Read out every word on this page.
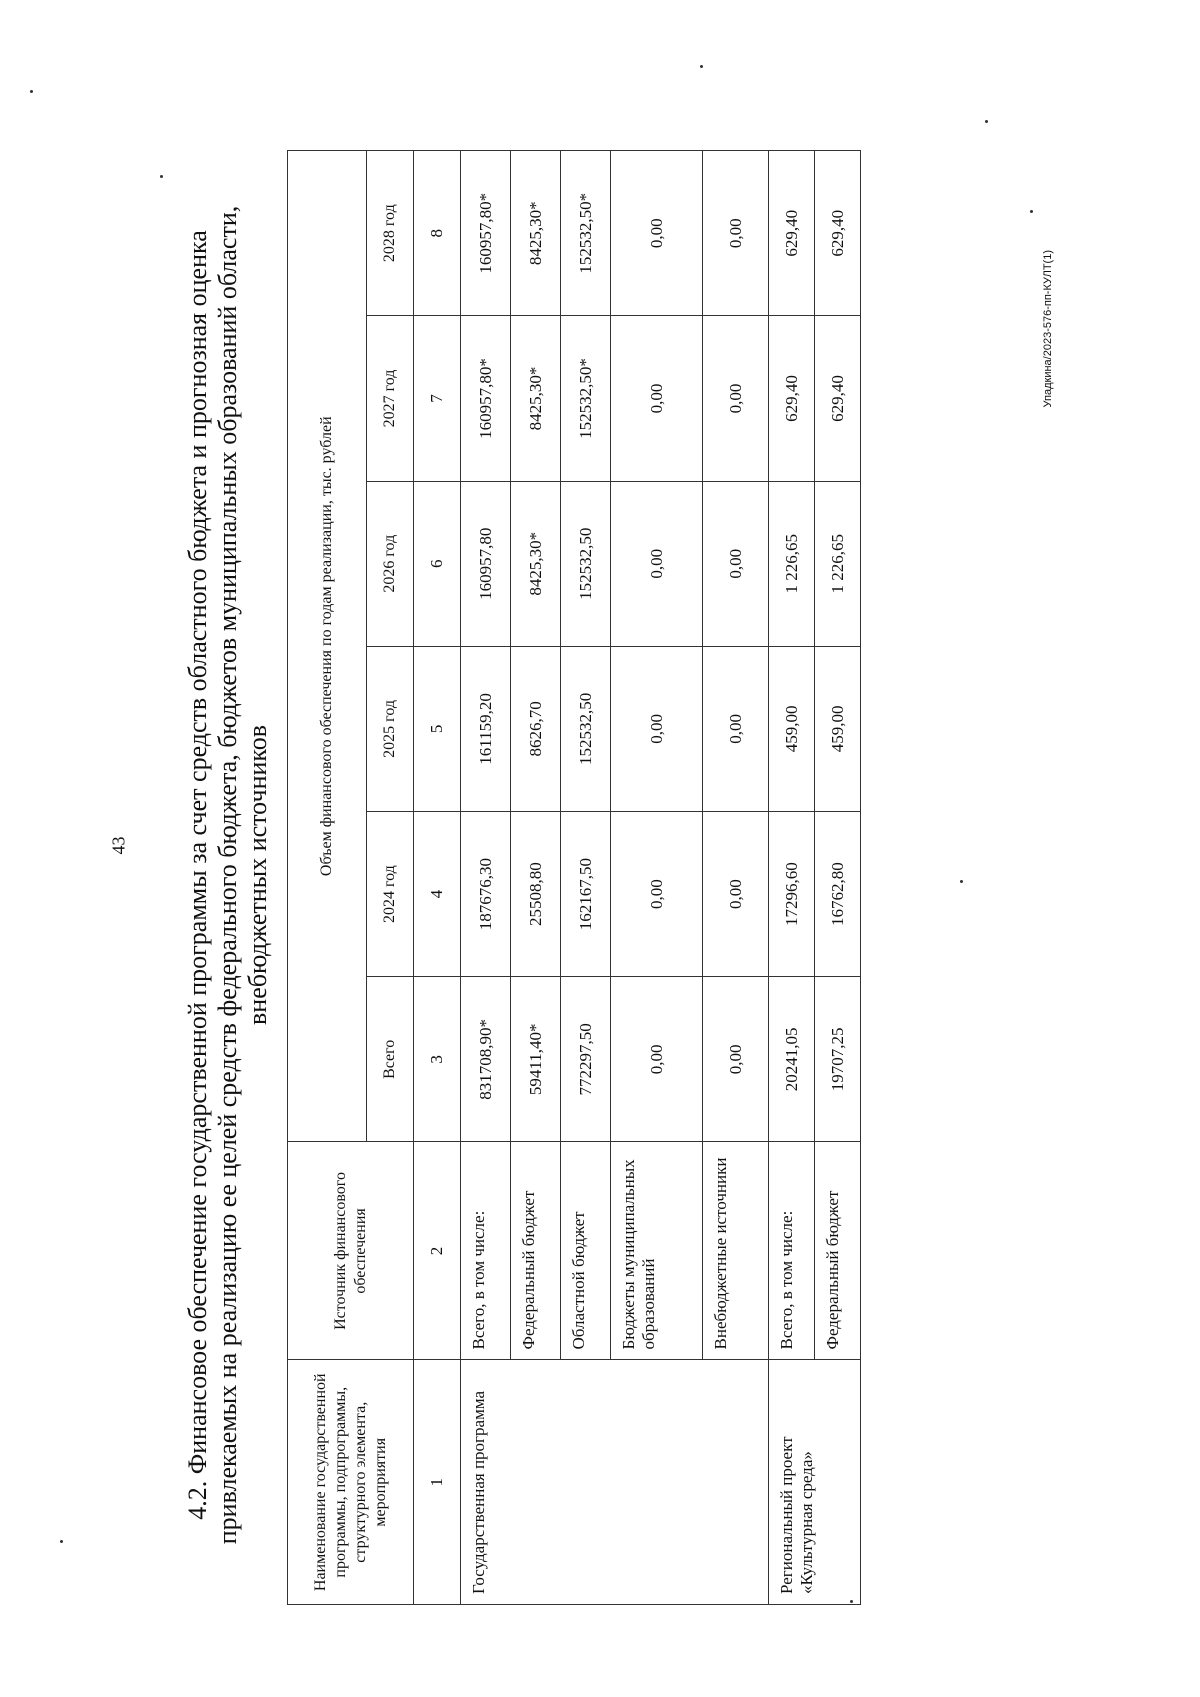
43
Упадкина/2023-576-пп-КУЛТ(1)
4.2. Финансовое обеспечение государственной программы за счет средств областного бюджета и прогнозная оценка привлекаемых на реализацию ее целей средств федерального бюджета, бюджетов муниципальных образований области, внебюджетных источников
Наименование государственной программы, подпрограммы, структурного элемента, мероприятия	Источник финансового обеспечения	Объем финансового обеспечения по годам реализации, тыс. рублей					
		Всего	2024 год	2025 год	2026 год	2027 год	2028 год
1	2	3	4	5	6	7	8
Государственная программа	Всего, в том числе:	831708,90*	187676,30	161159,20	160957,80	160957,80*	160957,80*
	Федеральный бюджет	59411,40*	25508,80	8626,70	8425,30*	8425,30*	8425,30*
	Областной бюджет	772297,50	162167,50	152532,50	152532,50	152532,50*	152532,50*
	Бюджеты муниципальных образований	0,00	0,00	0,00	0,00	0,00	0,00
	Внебюджетные источники	0,00	0,00	0,00	0,00	0,00	0,00
Региональный проект «Культурная среда»	Всего, в том числе:	20241,05	17296,60	459,00	1 226,65	629,40	629,40
	Федеральный бюджет	19707,25	16762,80	459,00	1 226,65	629,40	629,40
